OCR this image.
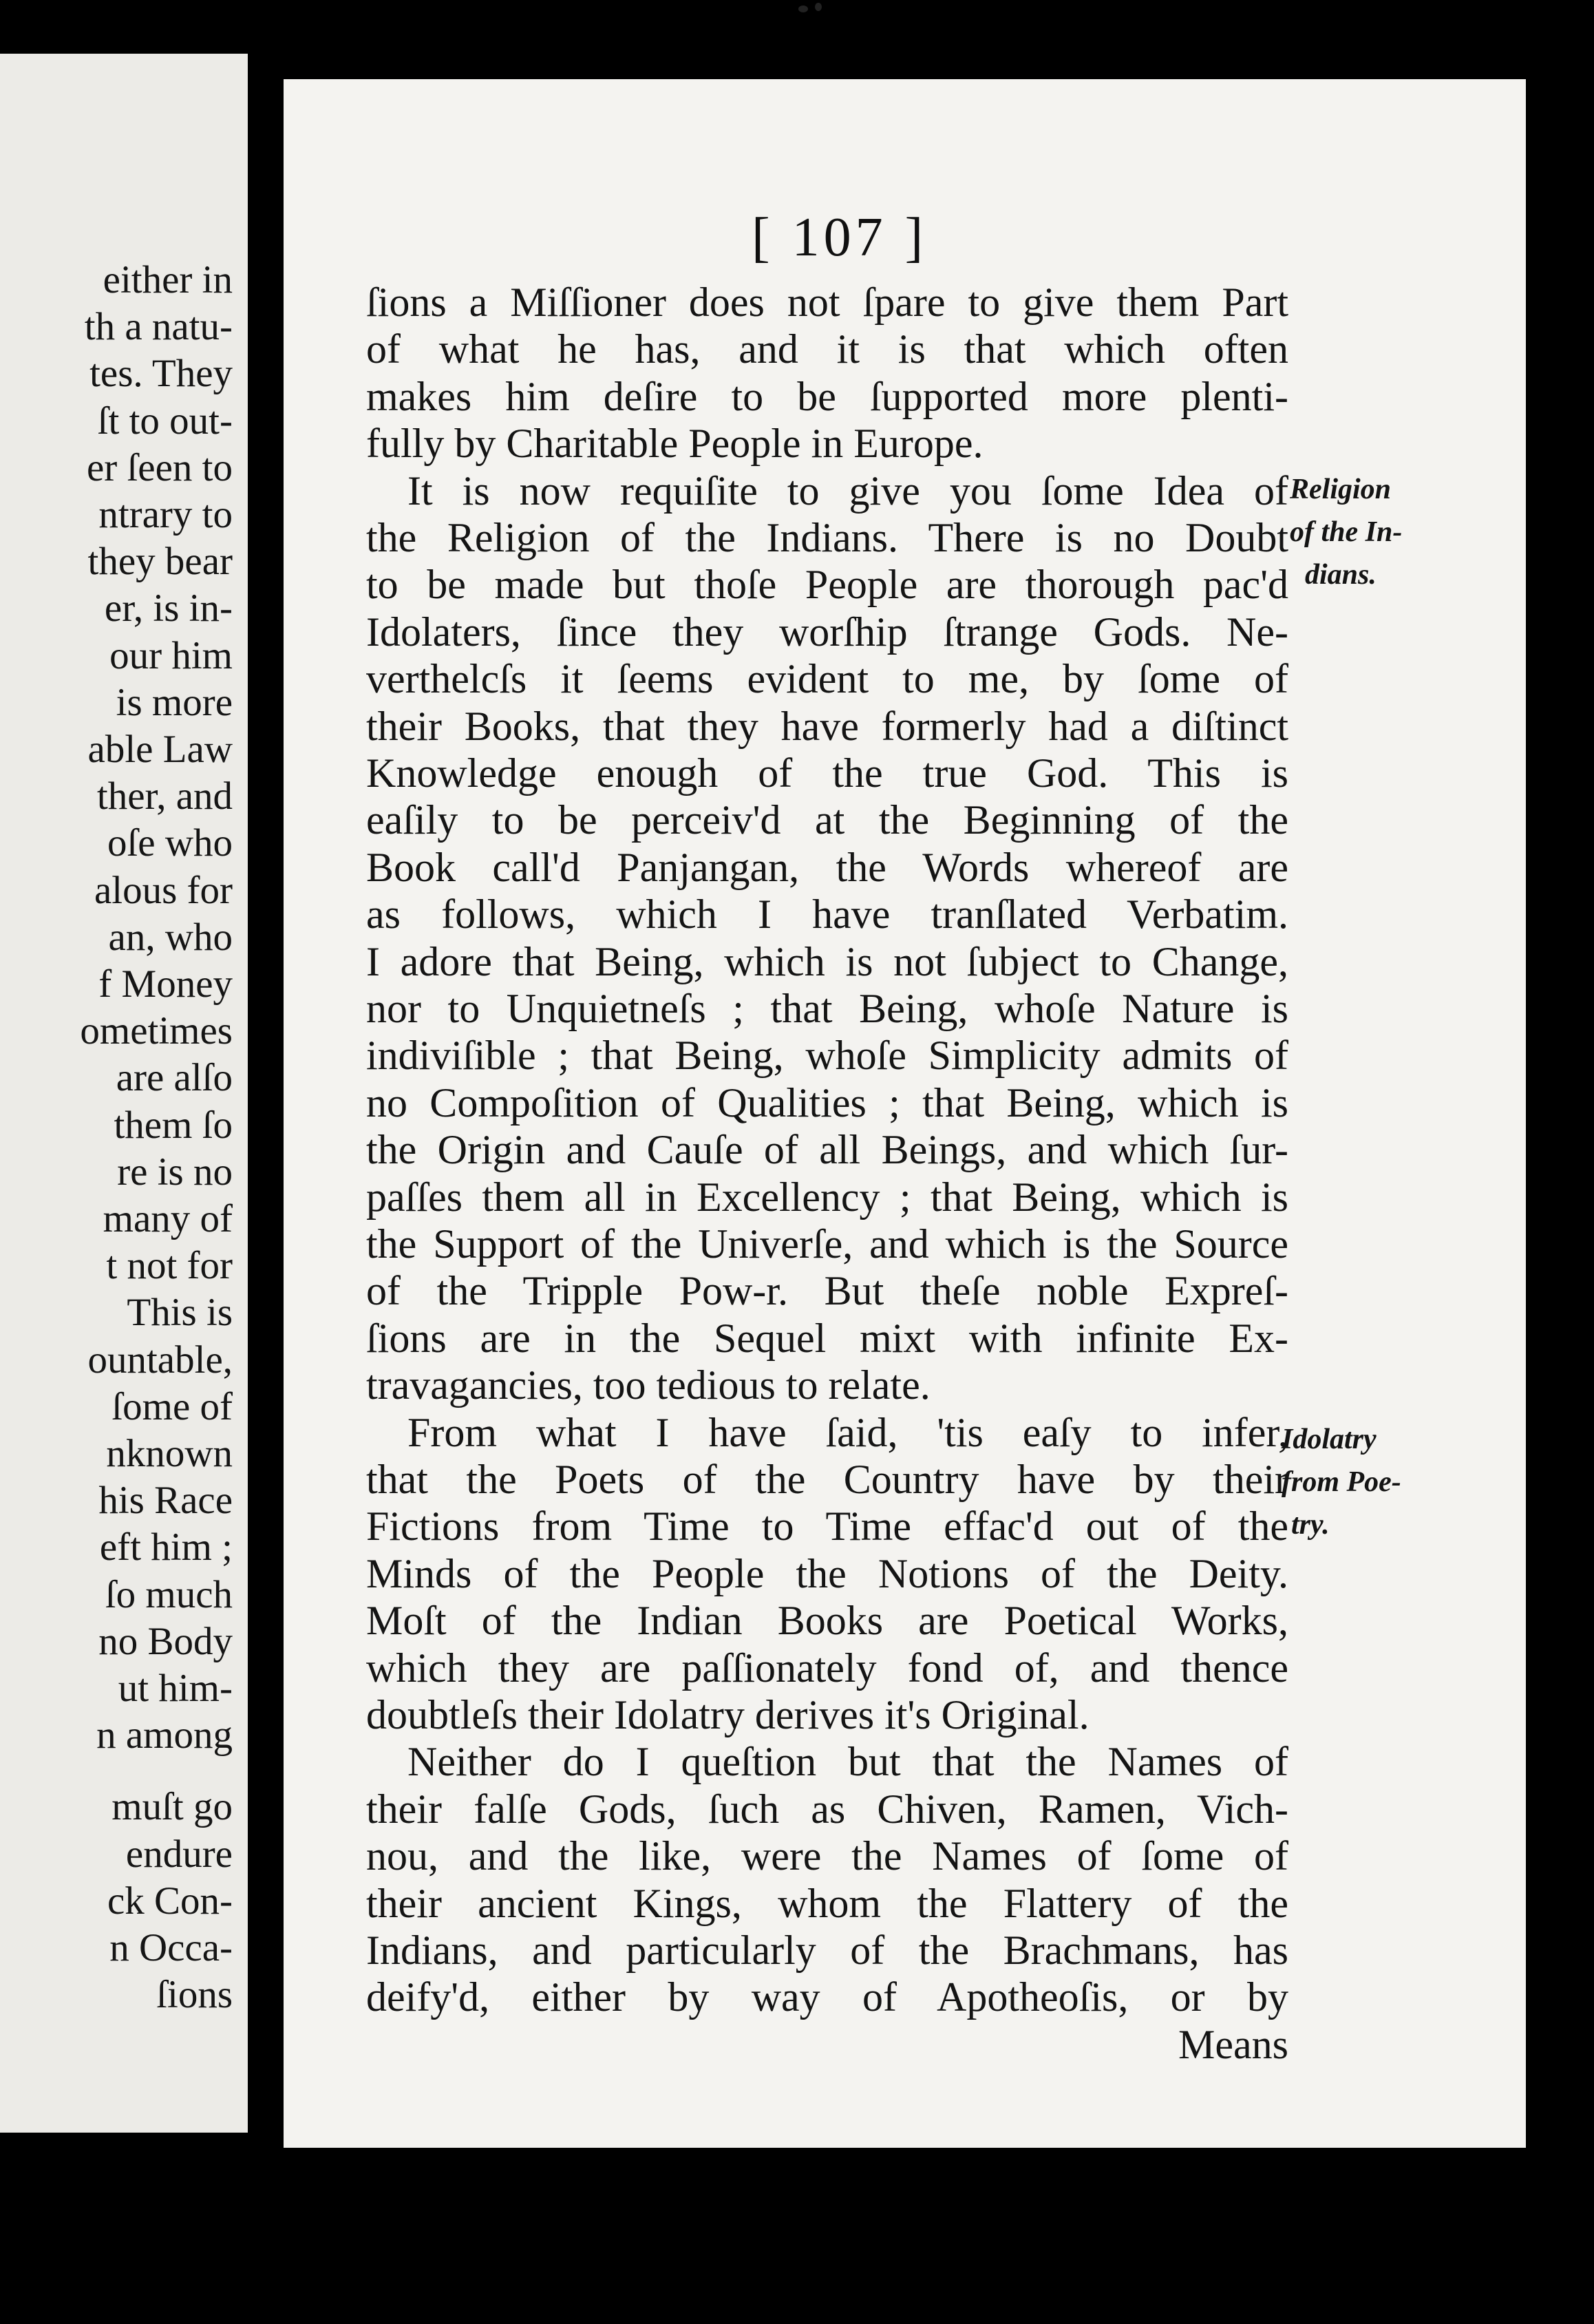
either in
th a natu-
tes. They
ſt to out-
er ſeen to
ntrary to
they bear
er, is in-
our him
is more
able Law
ther, and
oſe who
alous for
an, who
f Money
ometimes
are alſo
them ſo
re is no
many of
t not for
This is
ountable,
ſome of
nknown
his Race
eft him ;
ſo much
no Body
ut him-
n among
muſt go
endure
ck Con-
n Occa-
ſions
[ 107 ]
ſions a Miſſioner does not ſpare to give them Part
of what he has, and it is that which often
makes him deſire to be ſupported more plenti-
fully by Charitable People in Europe.
It is now requiſite to give you ſome Idea of
the Religion of the Indians. There is no Doubt
to be made but thoſe People are thorough pac'd
Idolaters, ſince they worſhip ſtrange Gods. Ne-
verthelcſs it ſeems evident to me, by ſome of
their Books, that they have formerly had a diſtinct
Knowledge enough of the true God. This is
eaſily to be perceiv'd at the Beginning of the
Book call'd Panjangan, the Words whereof are
as follows, which I have tranſlated Verbatim.
I adore that Being, which is not ſubject to Change,
nor to Unquietneſs ; that Being, whoſe Nature is
indiviſible ; that Being, whoſe Simplicity admits of
no Compoſition of Qualities ; that Being, which is
the Origin and Cauſe of all Beings, and which ſur-
paſſes them all in Excellency ; that Being, which is
the Support of the Univerſe, and which is the Source
of the Tripple Pow‐r. But theſe noble Expreſ-
ſions are in the Sequel mixt with infinite Ex-
travagancies, too tedious to relate.
From what I have ſaid, 'tis eaſy to infer,
that the Poets of the Country have by their
Fictions from Time to Time effac'd out of the
Minds of the People the Notions of the Deity.
Moſt of the Indian Books are Poetical Works,
which they are paſſionately fond of, and thence
doubtleſs their Idolatry derives it's Original.
Neither do I queſtion but that the Names of
their falſe Gods, ſuch as Chiven, Ramen, Vich-
nou, and the like, were the Names of ſome of
their ancient Kings, whom the Flattery of the
Indians, and particularly of the Brachmans, has
deify'd, either by way of Apotheoſis, or by
Means
Religion
of the In-
dians.
Idolatry
from Poe-
try.
